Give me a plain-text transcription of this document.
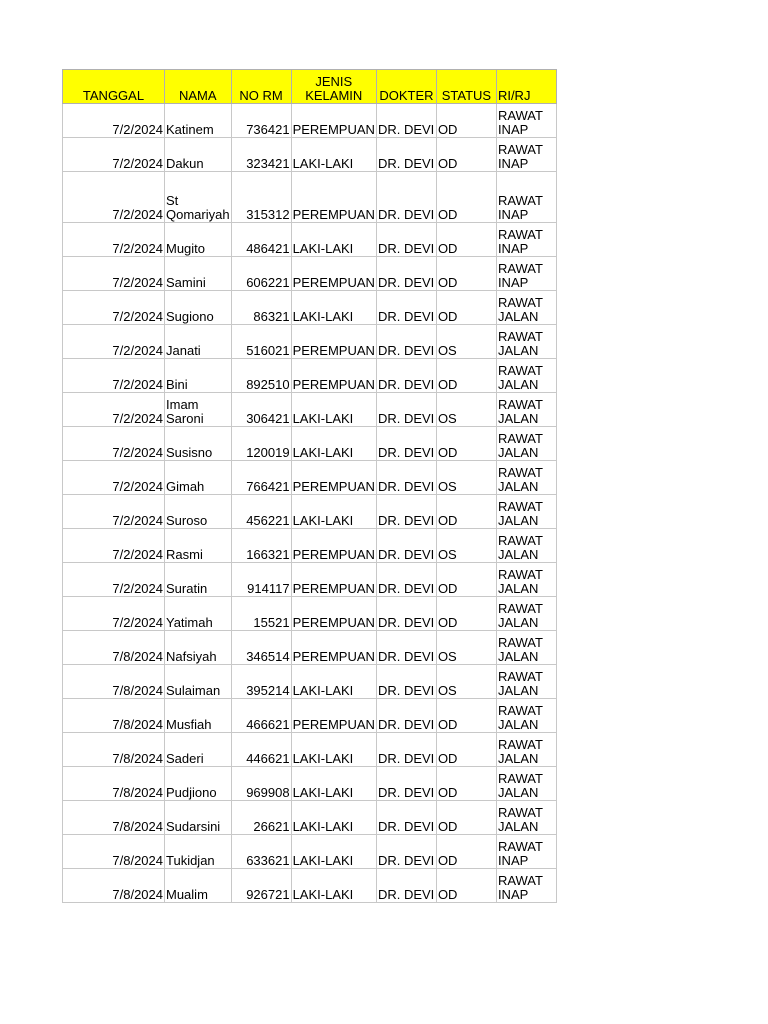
TANGGAL	NAMA	NO RM	JENIS KELAMIN	DOKTER	STATUS	RI/RJ
7/2/2024	Katinem	736421	PEREMPUAN	DR. DEVI	OD	RAWAT INAP
7/2/2024	Dakun	323421	LAKI-LAKI	DR. DEVI	OD	RAWAT INAP
7/2/2024	St Qomariyah	315312	PEREMPUAN	DR. DEVI	OD	RAWAT INAP
7/2/2024	Mugito	486421	LAKI-LAKI	DR. DEVI	OD	RAWAT INAP
7/2/2024	Samini	606221	PEREMPUAN	DR. DEVI	OD	RAWAT INAP
7/2/2024	Sugiono	86321	LAKI-LAKI	DR. DEVI	OD	RAWAT JALAN
7/2/2024	Janati	516021	PEREMPUAN	DR. DEVI	OS	RAWAT JALAN
7/2/2024	Bini	892510	PEREMPUAN	DR. DEVI	OD	RAWAT JALAN
7/2/2024	Imam Saroni	306421	LAKI-LAKI	DR. DEVI	OS	RAWAT JALAN
7/2/2024	Susisno	120019	LAKI-LAKI	DR. DEVI	OD	RAWAT JALAN
7/2/2024	Gimah	766421	PEREMPUAN	DR. DEVI	OS	RAWAT JALAN
7/2/2024	Suroso	456221	LAKI-LAKI	DR. DEVI	OD	RAWAT JALAN
7/2/2024	Rasmi	166321	PEREMPUAN	DR. DEVI	OS	RAWAT JALAN
7/2/2024	Suratin	914117	PEREMPUAN	DR. DEVI	OD	RAWAT JALAN
7/2/2024	Yatimah	15521	PEREMPUAN	DR. DEVI	OD	RAWAT JALAN
7/8/2024	Nafsiyah	346514	PEREMPUAN	DR. DEVI	OS	RAWAT JALAN
7/8/2024	Sulaiman	395214	LAKI-LAKI	DR. DEVI	OS	RAWAT JALAN
7/8/2024	Musfiah	466621	PEREMPUAN	DR. DEVI	OD	RAWAT JALAN
7/8/2024	Saderi	446621	LAKI-LAKI	DR. DEVI	OD	RAWAT JALAN
7/8/2024	Pudjiono	969908	LAKI-LAKI	DR. DEVI	OD	RAWAT JALAN
7/8/2024	Sudarsini	26621	LAKI-LAKI	DR. DEVI	OD	RAWAT JALAN
7/8/2024	Tukidjan	633621	LAKI-LAKI	DR. DEVI	OD	RAWAT INAP
7/8/2024	Mualim	926721	LAKI-LAKI	DR. DEVI	OD	RAWAT INAP
